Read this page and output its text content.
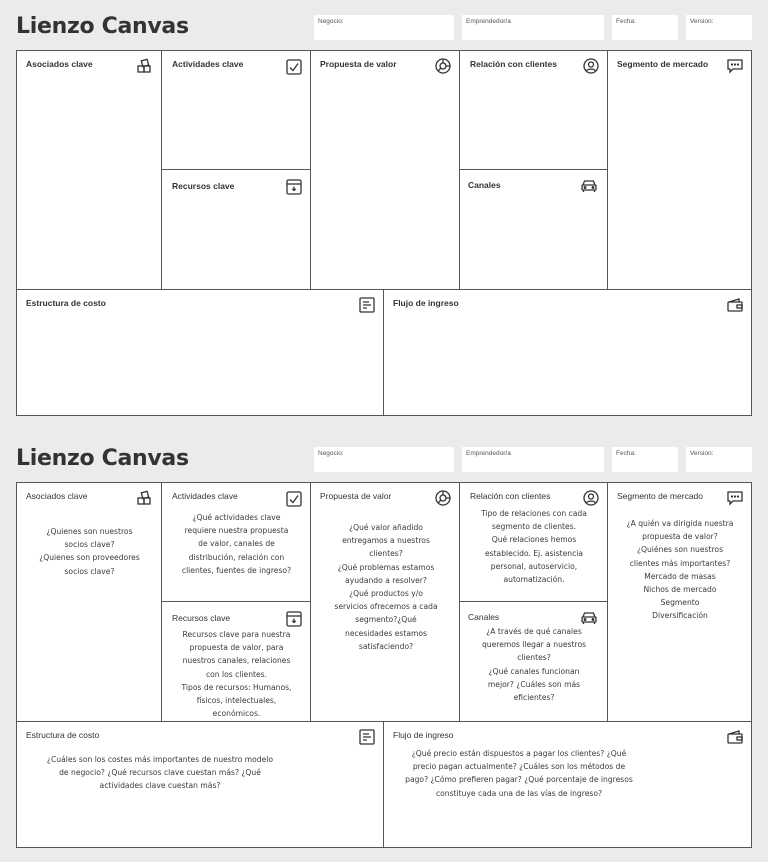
Lienzo Canvas	Negocio:	Emprendedor/a	Fecha:	Version:
Asociados clave	Actividades clave
Recursos clave
Propuesta de valor	Relación con clientes
Canales
Segmento de mercado
Estructura de costo	Flujo de ingreso
Lienzo Canvas	Negocio:	Emprendedor/a	Fecha:	Version:
Asociados clave
¿Quienes son nuestros
socios clave?
¿Quienes son proveedores
socios clave?
Actividades clave
¿Qué actividades clave
requiere nuestra propuesta
de valor, canales de
distribución, relación con
clientes, fuentes de ingreso?
Recursos clave
Recursos clave para nuestra
propuesta de valor, para
nuestros canales, relaciones
con los clientes.
Tipos de recursos: Humanos,
físicos, intelectuales,
económicos.
Propuesta de valor
¿Qué valor añadido
entregamos a nuestros
clientes?
¿Qué problemas estamos
ayudando a resolver?
¿Qué productos y/o
servicios ofrecemos a cada
segmento?¿Qué
necesidades estamos
satisfaciendo?
Relación con clientes
Tipo de relaciones con cada
segmento de clientes.
Qué relaciones hemos
establecido. Ej. asistencia
personal, autoservicio,
automatización.
Canales
¿A través de qué canales
queremos llegar a nuestros
clientes?
¿Qué canales funcionan
mejor? ¿Cuáles son más
eficientes?
Segmento de mercado
¿A quién va dirigida nuestra
propuesta de valor?
¿Quiénes son nuestros
clientes más importantes?
Mercado de masas
Nichos de mercado
Segmento
Diversificación
Estructura de costo
¿Cuáles son los costes más importantes de nuestro modelo
de negocio? ¿Qué recursos clave cuestan más? ¿Qué
actividades clave cuestan más?
Flujo de ingreso
¿Qué precio están dispuestos a pagar los clientes? ¿Qué
precio pagan actualmente? ¿Cuáles son los métodos de
pago? ¿Cómo prefieren pagar? ¿Qué porcentaje de ingresos
constituye cada una de las vías de ingreso?
